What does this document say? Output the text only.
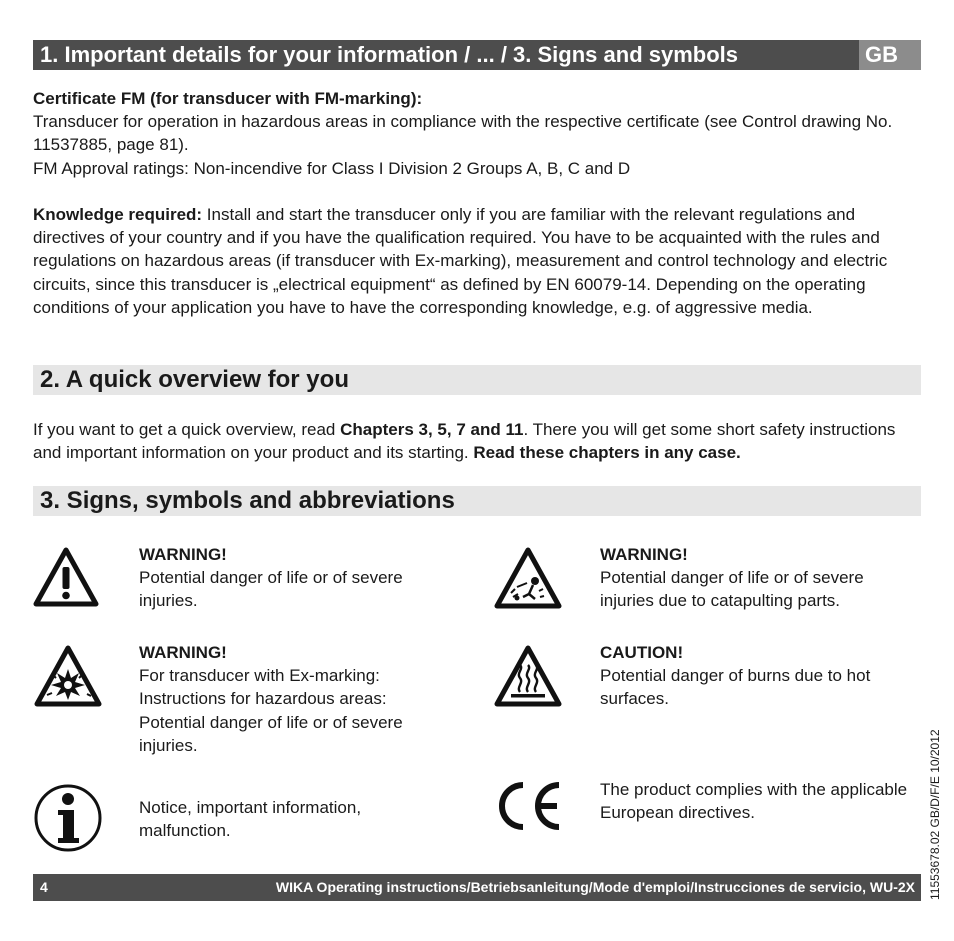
1. Important details for your information / ... / 3. Signs and symbols	GB
Certificate FM (for transducer with FM-marking):
Transducer for operation in hazardous areas in compliance with the respective certificate (see Control drawing No. 11537885, page 81).
FM Approval ratings: Non-incendive for Class I Division 2 Groups A, B, C and D
Knowledge required: Install and start the transducer only if you are familiar with the relevant regulations and directives of your country and if you have the qualification required. You have to be acquainted with the rules and regulations on hazardous areas (if transducer with Ex-marking), measurement and control technology and electric circuits, since this transducer is „electrical equipment“ as defined by EN 60079-14. Depending on the operating conditions of your application you have to have the corresponding knowledge, e.g. of aggressive media.
2. A quick overview for you
If you want to get a quick overview, read Chapters 3, 5, 7 and 11. There you will get some short safety instructions and important information on your product and its starting. Read these chapters in any case.
3. Signs, symbols and abbreviations
WARNING!
Potential danger of life or of severe injuries.
WARNING!
Potential danger of life or of severe injuries due to catapulting parts.
WARNING!
For transducer with Ex-marking: Instructions for hazardous areas: Potential danger of life or of severe injuries.
CAUTION!
Potential danger of burns due to hot surfaces.
Notice, important information, malfunction.
The product complies with the applicable European directives.
4	WIKA Operating instructions/Betriebsanleitung/Mode d'emploi/Instrucciones de servicio, WU-2X 11553678.02 GB/D/F/E 10/2012
